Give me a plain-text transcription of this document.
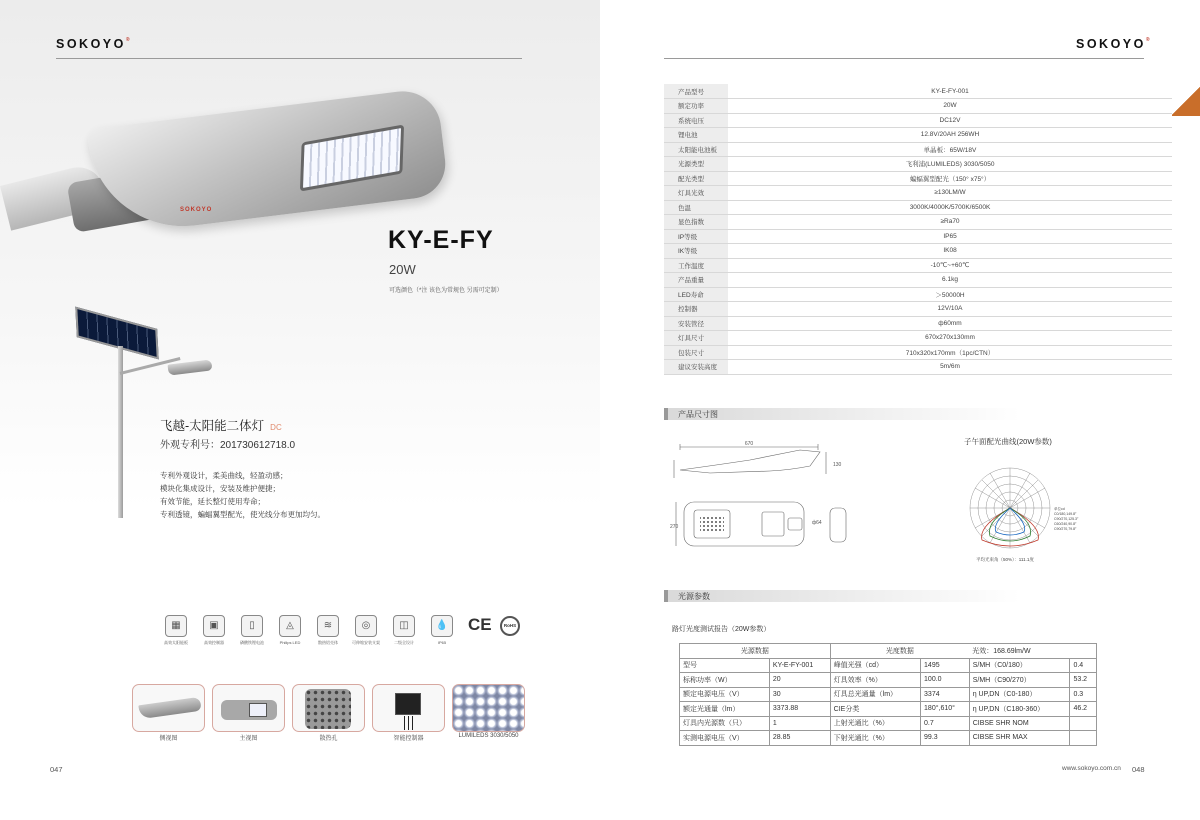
SOKOYO®
SOKOYO
KY-E-FY
20W
可选颜色（*注 该色为常规色 另需可定制）
飞越-太阳能二体灯 DC
外观专利号：201730612718.0
专利外观设计，柔美曲线，轻盈动感；
模块化集成设计，安装及维护便捷；
有效节能，延长整灯使用寿命；
专利透镜，蝙蝠翼型配光，使光线分布更加均匀。
▦
高效太阳能板
▣
高效控制器
▯
磷酸铁锂电池
◬
Philips LED
≋
散热铝壳体
◎
可伸缩安装支架
◫
二级全设计
💧
IP65
CE	RoHS
侧视图	主视图	散热孔	智能控制器	LUMILEDS 3030/5050
047
SOKOYO®
产品型号	KY-E-FY-001
额定功率	20W
系统电压	DC12V
锂电池	12.8V/20AH 256WH
太阳能电池板	单晶板：65W/18V
光源类型	飞利浦(LUMILEDS) 3030/5050
配光类型	蝙蝠翼型配光（150° x75°）
灯具光效	≥130LM/W
色温	3000K/4000K/5700K/6500K
显色指数	≥Ra70
IP等级	IP65
IK等级	IK08
工作温度	-10℃~+60℃
产品重量	6.1kg
LED寿命	＞50000H
控制器	12V/10A
安装管径	ф60mm
灯具尺寸	670x270x130mm
包装尺寸	710x320x170mm（1pc/CTN）
建议安装高度	5m/6m
产品尺寸图
670
130
270
ф64
子午面配光曲线(20W参数)
单位cd
C0/180,149.8°
C90/270,125.3°
C60/240,90.8°
C90/270,79.8°
平均光束角（50%）：111.1度
光源参数
路灯光度测试报告（20W参数）
光源数据		光度数据		光效：168.69lm/W	
型号	KY-E-FY-001	峰值光强（cd）	1495	S/MH（C0/180）	0.4
标称功率（W）	20	灯具效率（%）	100.0	S/MH（C90/270）	53.2
额定电源电压（V）	30	灯具总光通量（lm）	3374	η UP,DN（C0-180）	0.3
额定光通量（lm）	3373.88	CIE分类	180°,610°	η UP,DN（C180-360）	46.2
灯具内光源数（只）	1	上射光通比（%）	0.7	CIBSE SHR NOM	
实测电源电压（V）	28.85	下射光通比（%）	99.3	CIBSE SHR MAX	
www.sokoyo.com.cn 048
